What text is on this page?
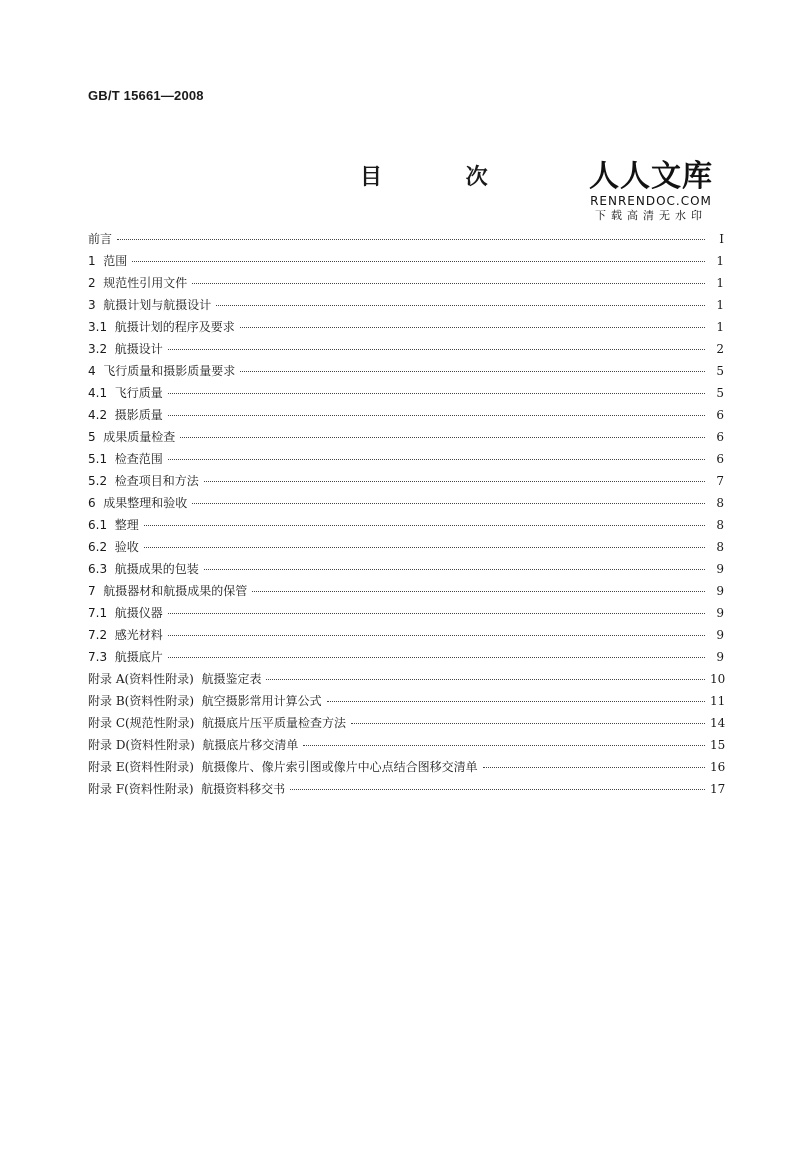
GB/T 15661—2008
目 次 人人文库
RENRENDOC.COM
下载高清无水印
前言	Ⅰ
1  范围	1
2  规范性引用文件	1
3  航摄计划与航摄设计	1
3.1  航摄计划的程序及要求	1
3.2  航摄设计	2
4  飞行质量和摄影质量要求	5
4.1  飞行质量	5
4.2  摄影质量	6
5  成果质量检查	6
5.1  检查范围	6
5.2  检查项目和方法	7
6  成果整理和验收	8
6.1  整理	8
6.2  验收	8
6.3  航摄成果的包装	9
7  航摄器材和航摄成果的保管	9
7.1  航摄仪器	9
7.2  感光材料	9
7.3  航摄底片	9
附录 A(资料性附录)  航摄鉴定表	10
附录 B(资料性附录)  航空摄影常用计算公式	11
附录 C(规范性附录)  航摄底片压平质量检查方法	14
附录 D(资料性附录)  航摄底片移交清单	15
附录 E(资料性附录)  航摄像片、像片索引图或像片中心点结合图移交清单	16
附录 F(资料性附录)  航摄资料移交书	17
